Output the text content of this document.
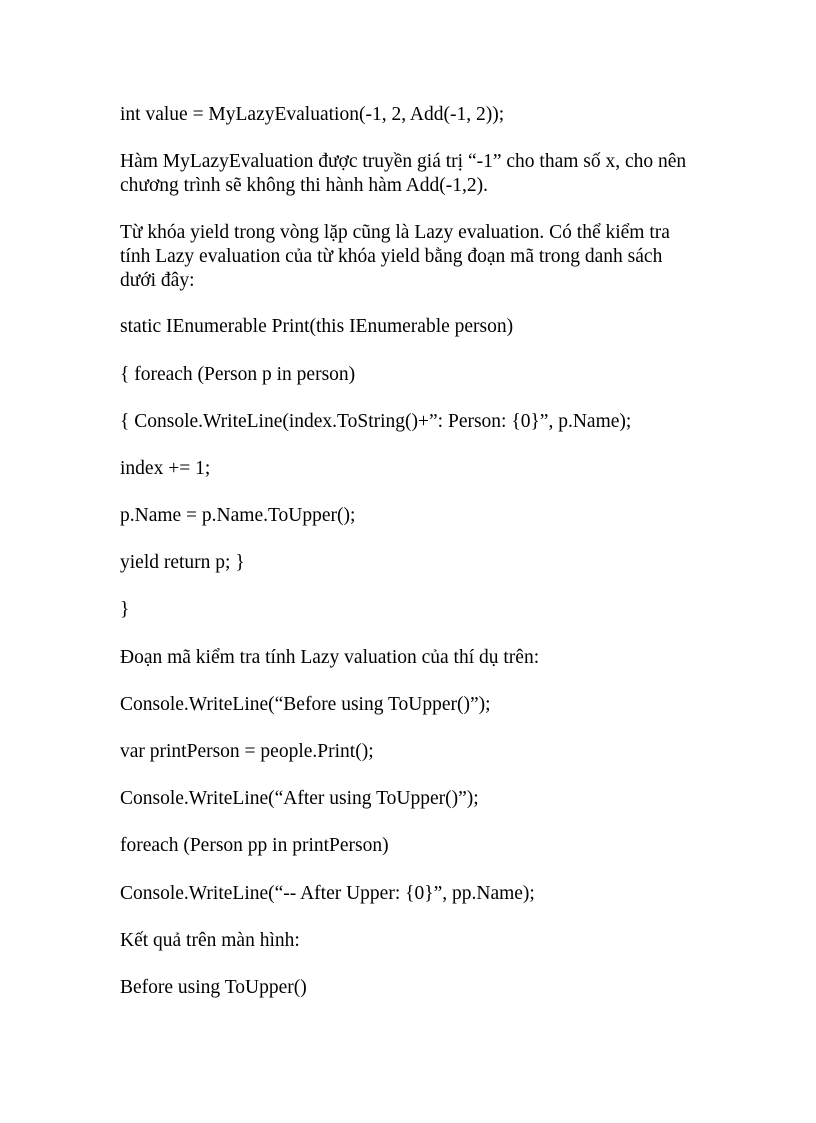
int value = MyLazyEvaluation(-1, 2, Add(-1, 2));
Hàm MyLazyEvaluation được truyền giá trị “-1” cho tham số x, cho nên
chương trình sẽ không thi hành hàm Add(-1,2).
Từ khóa yield trong vòng lặp cũng là Lazy evaluation. Có thể kiểm tra
tính Lazy evaluation của từ khóa yield bằng đoạn mã trong danh sách
dưới đây:
static IEnumerable Print(this IEnumerable person)
{ foreach (Person p in person)
{ Console.WriteLine(index.ToString()+”: Person: {0}”, p.Name);
index += 1;
p.Name = p.Name.ToUpper();
yield return p; }
}
Đoạn mã kiểm tra tính Lazy valuation của thí dụ trên:
Console.WriteLine(“Before using ToUpper()”);
var printPerson = people.Print();
Console.WriteLine(“After using ToUpper()”);
foreach (Person pp in printPerson)
Console.WriteLine(“-- After Upper: {0}”, pp.Name);
Kết quả trên màn hình:
Before using ToUpper()
